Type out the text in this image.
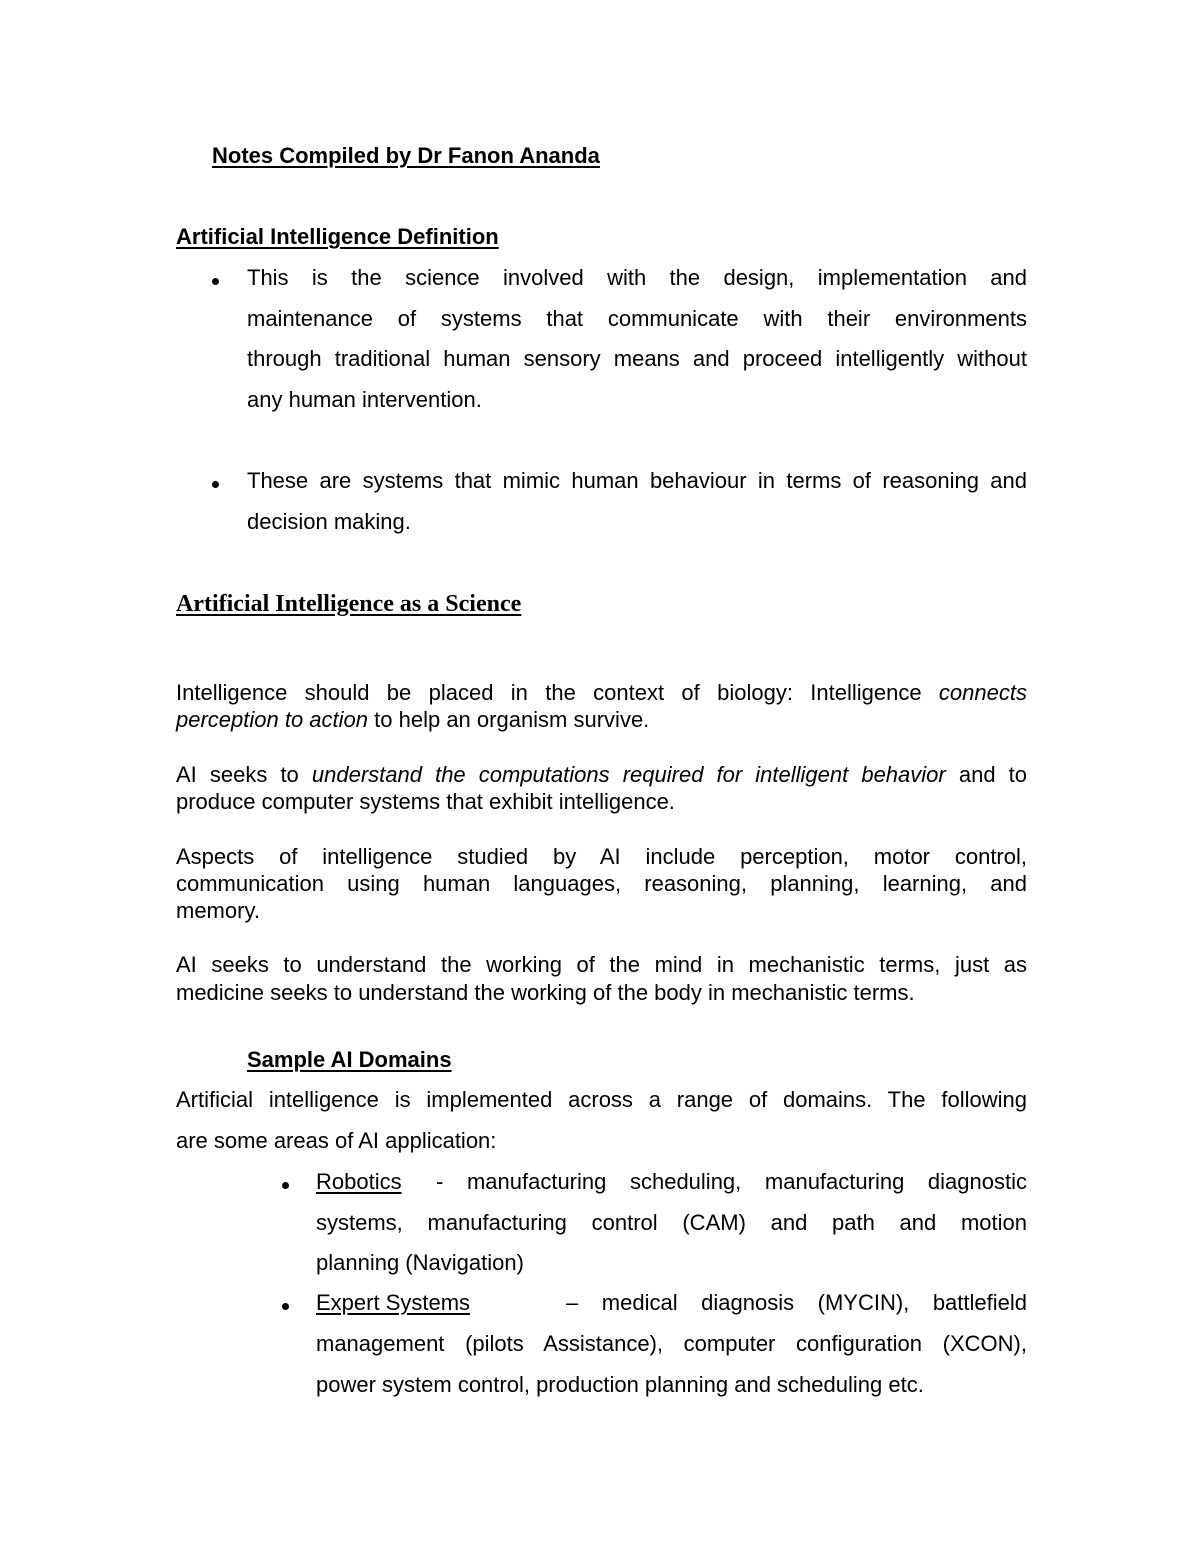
Notes Compiled by Dr Fanon Ananda
Artificial Intelligence Definition
This is the science involved with the design, implementation and
maintenance of systems that communicate with their environments
through traditional human sensory means and proceed intelligently without
any human intervention.
These are systems that mimic human behaviour in terms of reasoning and
decision making.
Artificial Intelligence as a Science
Intelligence should be placed in the context of biology: Intelligence connects
perception to action to help an organism survive.
AI seeks to understand the computations required for intelligent behavior and to
produce computer systems that exhibit intelligence.
Aspects of intelligence studied by AI include perception, motor control,
communication using human languages, reasoning, planning, learning, and
memory.
AI seeks to understand the working of the mind in mechanistic terms, just as
medicine seeks to understand the working of the body in mechanistic terms.
Sample AI Domains
Artificial intelligence is implemented across a range of domains. The following
are some areas of AI application:
Robotics - manufacturing scheduling, manufacturing diagnostic
systems, manufacturing control (CAM) and path and motion
planning (Navigation)
Expert Systems	– medical diagnosis (MYCIN), battlefield
management (pilots Assistance), computer configuration (XCON),
power system control, production planning and scheduling etc.
